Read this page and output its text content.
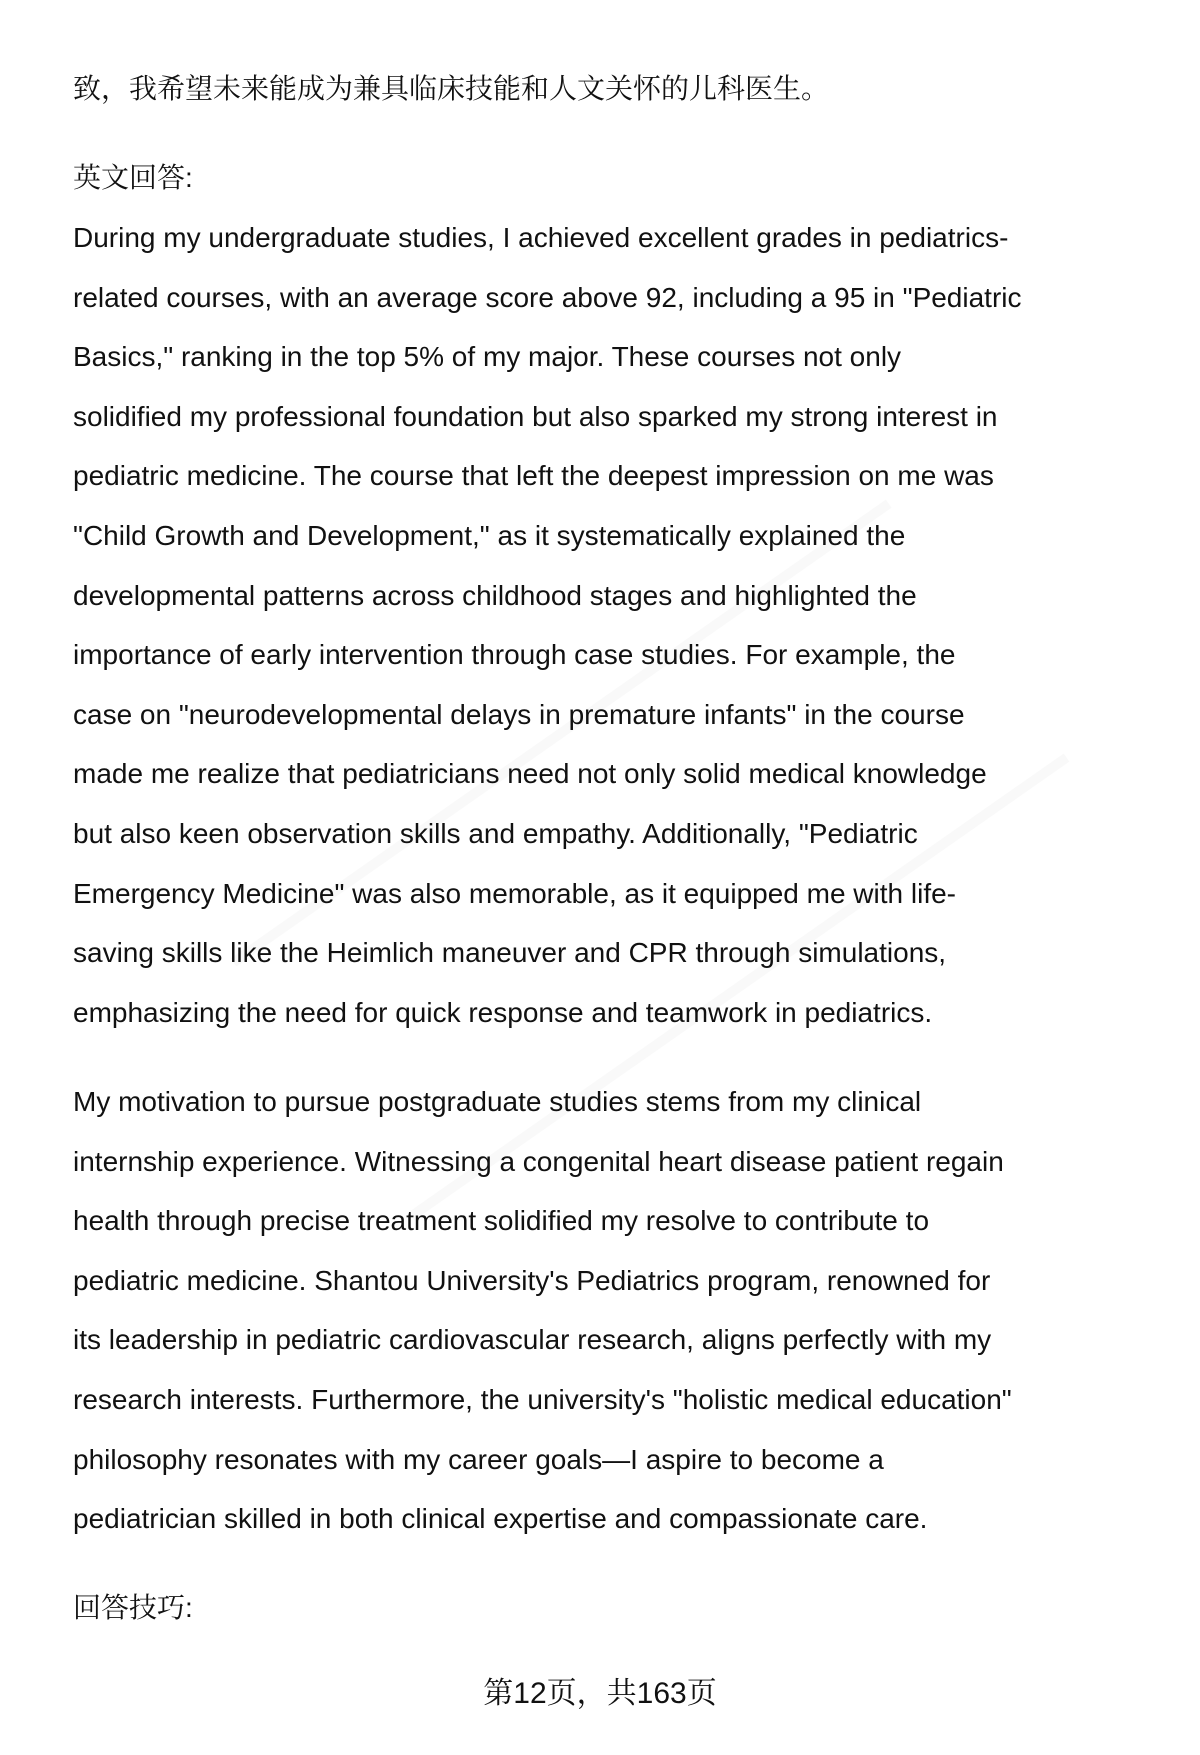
致，我希望未来能成为兼具临床技能和人文关怀的儿科医生。
英文回答:
During my undergraduate studies, I achieved excellent grades in pediatrics-
related courses, with an average score above 92, including a 95 in "Pediatric
Basics," ranking in the top 5% of my major. These courses not only
solidified my professional foundation but also sparked my strong interest in
pediatric medicine. The course that left the deepest impression on me was
"Child Growth and Development," as it systematically explained the
developmental patterns across childhood stages and highlighted the
importance of early intervention through case studies. For example, the
case on "neurodevelopmental delays in premature infants" in the course
made me realize that pediatricians need not only solid medical knowledge
but also keen observation skills and empathy. Additionally, "Pediatric
Emergency Medicine" was also memorable, as it equipped me with life-
saving skills like the Heimlich maneuver and CPR through simulations,
emphasizing the need for quick response and teamwork in pediatrics.
My motivation to pursue postgraduate studies stems from my clinical
internship experience. Witnessing a congenital heart disease patient regain
health through precise treatment solidified my resolve to contribute to
pediatric medicine. Shantou University's Pediatrics program, renowned for
its leadership in pediatric cardiovascular research, aligns perfectly with my
research interests. Furthermore, the university's "holistic medical education"
philosophy resonates with my career goals—I aspire to become a
pediatrician skilled in both clinical expertise and compassionate care.
回答技巧:
第12页，共163页
